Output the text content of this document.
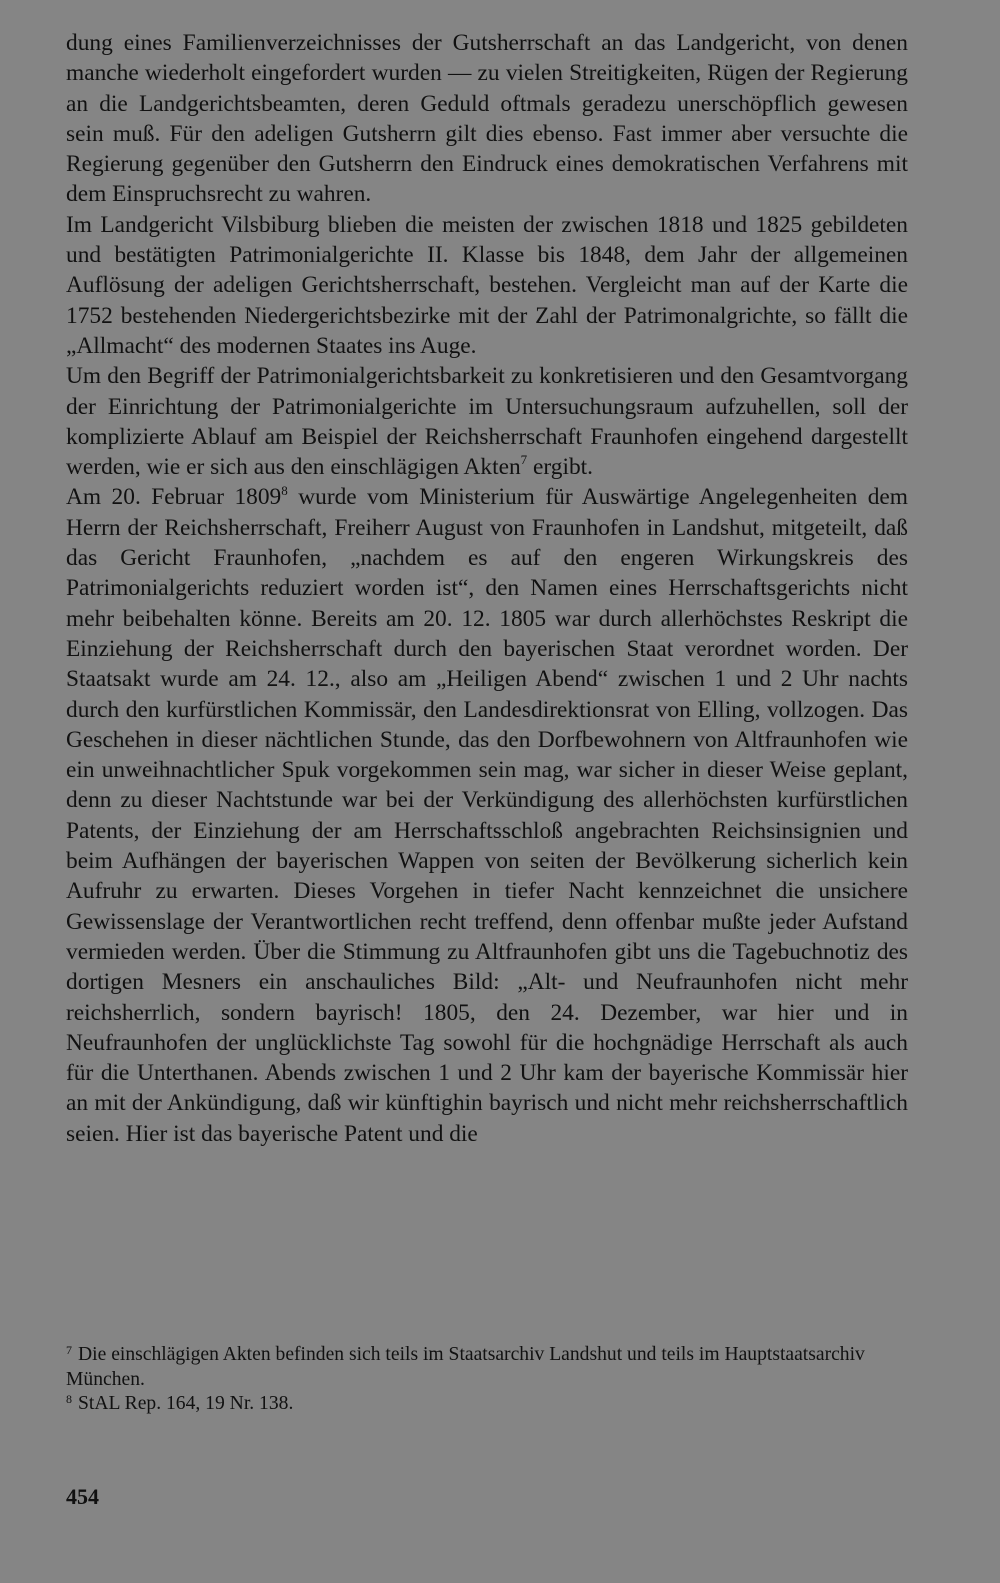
dung eines Familienverzeichnisses der Gutsherrschaft an das Landgericht, von denen manche wiederholt eingefordert wurden — zu vielen Streitigkeiten, Rügen der Regierung an die Landgerichtsbeamten, deren Geduld oftmals geradezu unerschöpflich gewesen sein muß. Für den adeligen Gutsherrn gilt dies ebenso. Fast immer aber versuchte die Regierung gegenüber den Gutsherrn den Eindruck eines demokratischen Verfahrens mit dem Einspruchsrecht zu wahren.

Im Landgericht Vilsbiburg blieben die meisten der zwischen 1818 und 1825 gebildeten und bestätigten Patrimonialgerichte II. Klasse bis 1848, dem Jahr der allgemeinen Auflösung der adeligen Gerichtsherrschaft, bestehen. Vergleicht man auf der Karte die 1752 bestehenden Niedergerichtsbezirke mit der Zahl der Patrimonalgrichte, so fällt die „Allmacht“ des modernen Staates ins Auge.

Um den Begriff der Patrimonialgerichtsbarkeit zu konkretisieren und den Gesamtvorgang der Einrichtung der Patrimonialgerichte im Untersuchungsraum aufzuhellen, soll der komplizierte Ablauf am Beispiel der Reichsherrschaft Fraunhofen eingehend dargestellt werden, wie er sich aus den einschlägigen Akten$^7$ ergibt.

Am 20. Februar 1809$^8$ wurde vom Ministerium für Auswärtige Angelegenheiten dem Herrn der Reichsherrschaft, Freiherr August von Fraunhofen in Landshut, mitgeteilt, daß das Gericht Fraunhofen, „nachdem es auf den engeren Wirkungskreis des Patrimonialgerichts reduziert worden ist“, den Namen eines Herrschaftsgerichts nicht mehr beibehalten könne. Bereits am 20. 12. 1805 war durch allerhöchstes Reskript die Einziehung der Reichsherrschaft durch den bayerischen Staat verordnet worden. Der Staatsakt wurde am 24. 12., also am „Heiligen Abend“ zwischen 1 und 2 Uhr nachts durch den kurfürstlichen Kommissär, den Landesdirektionsrat von Elling, vollzogen. Das Geschehen in dieser nächtlichen Stunde, das den Dorfbewohnern von Altfraunhofen wie ein unweihnachtlicher Spuk vorgekommen sein mag, war sicher in dieser Weise geplant, denn zu dieser Nachtstunde war bei der Verkündigung des allerhöchsten kurfürstlichen Patents, der Einziehung der am Herrschaftsschloß angebrachten Reichsinsignien und beim Aufhängen der bayerischen Wappen von seiten der Bevölkerung sicherlich kein Aufruhr zu erwarten. Dieses Vorgehen in tiefer Nacht kennzeichnet die unsichere Gewissenslage der Verantwortlichen recht treffend, denn offenbar mußte jeder Aufstand vermieden werden. Über die Stimmung zu Altfraunhofen gibt uns die Tagebuchnotiz des dortigen Mesners ein anschauliches Bild: „Alt- und Neufraunhofen nicht mehr reichsherrlich, sondern bayrisch! 1805, den 24. Dezember, war hier und in Neufraunhofen der unglücklichste Tag sowohl für die hochgnädige Herrschaft als auch für die Unterthanen. Abends zwischen 1 und 2 Uhr kam der bayerische Kommissär hier an mit der Ankündigung, daß wir künftighin bayrisch und nicht mehr reichsherrschaftlich seien. Hier ist das bayerische Patent und die

$^7$ Die einschlägigen Akten befinden sich teils im Staatsarchiv Landshut und teils im Hauptstaatsarchiv München.

$^8$ StAL Rep. 164, 19 Nr. 138.

454
